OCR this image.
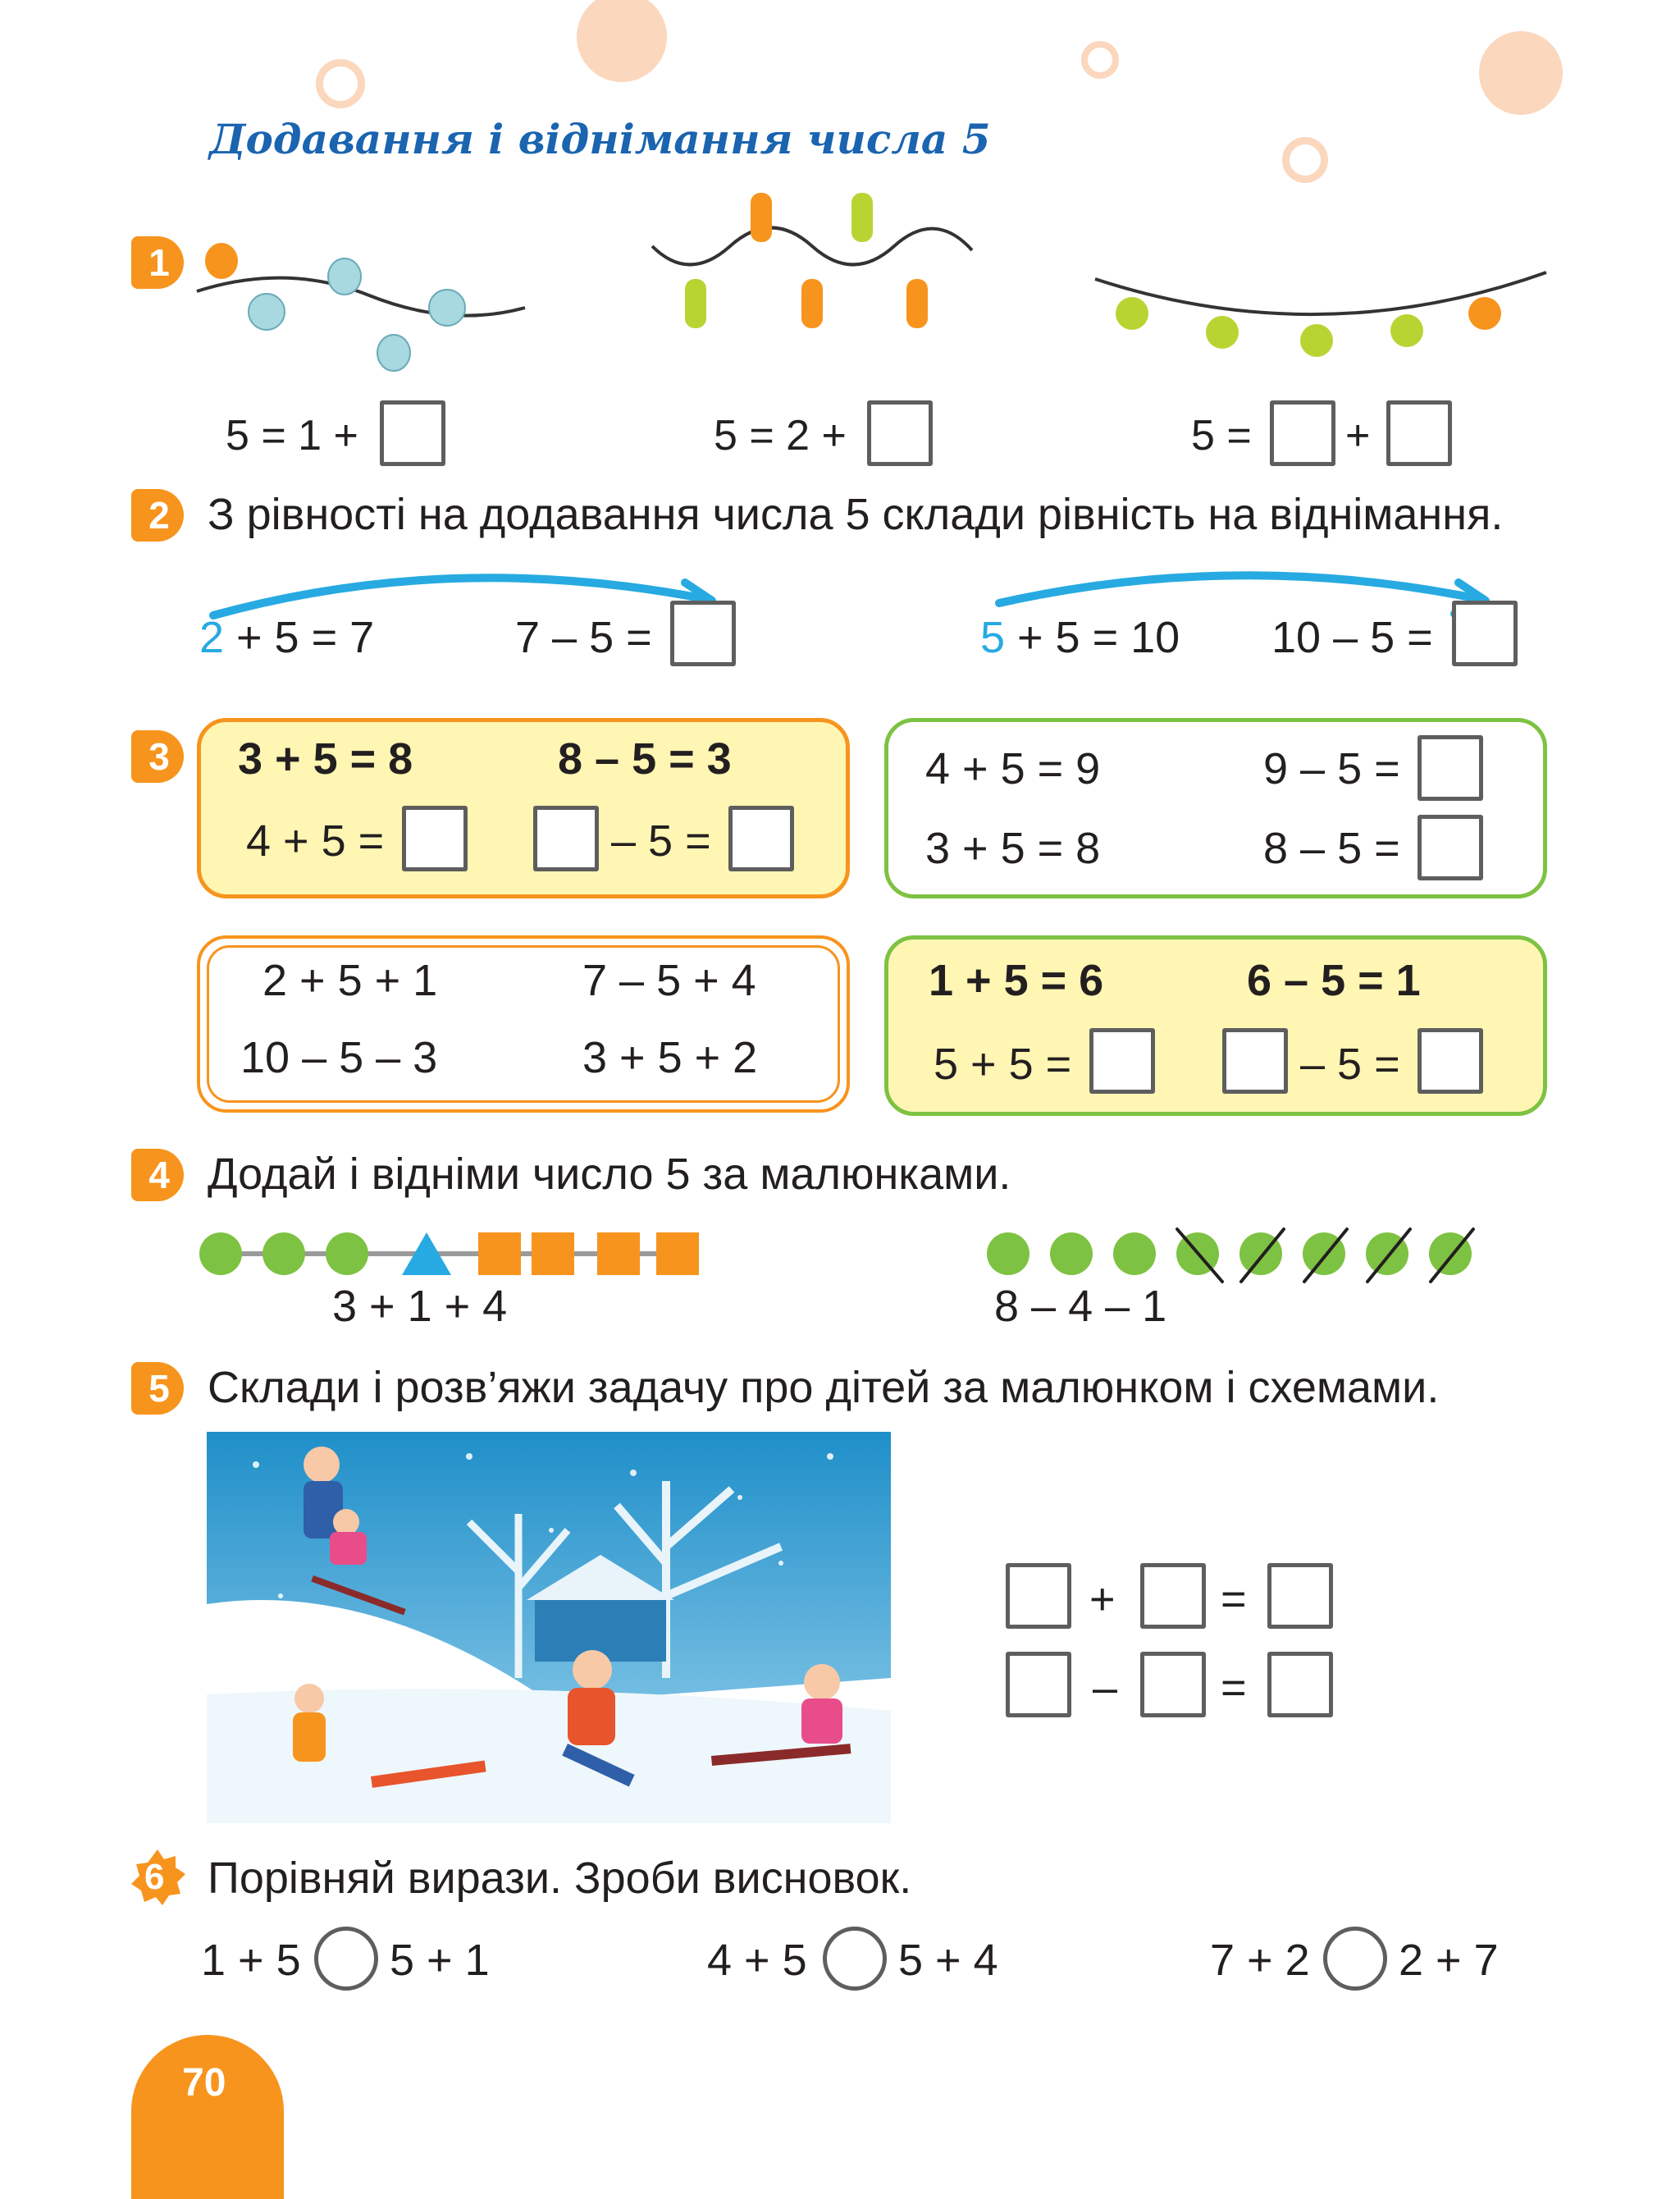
Додавання і віднімання числа 5
1
5 = 1 +	5 = 2 +	5 = +
2 З рівності на додавання числа 5 склади рівність на віднімання.
2 + 5 = 7	7 – 5 =	5 + 5 = 10 10 – 5 =
3	3 + 5 = 8	8 – 5 = 3
4 + 5 =	– 5 =
4 + 5 = 9	9 – 5 =
3 + 5 = 8	8 – 5 =
2 + 5 + 1	7 – 5 + 4
10 – 5 – 3	3 + 5 + 2
1 + 5 = 6	6 – 5 = 1
5 + 5 =	– 5 =
4 Додай і відніми число 5 за малюнками.
3 + 1 + 4	8 – 4 – 1
5 Склади і розв’яжи задачу про дітей за малюнком і схемами.
+ =
– =
6 Порівняй вирази. Зроби висновок.
1 + 5 5 + 1	4 + 5 5 + 4	7 + 2 2 + 7
70
